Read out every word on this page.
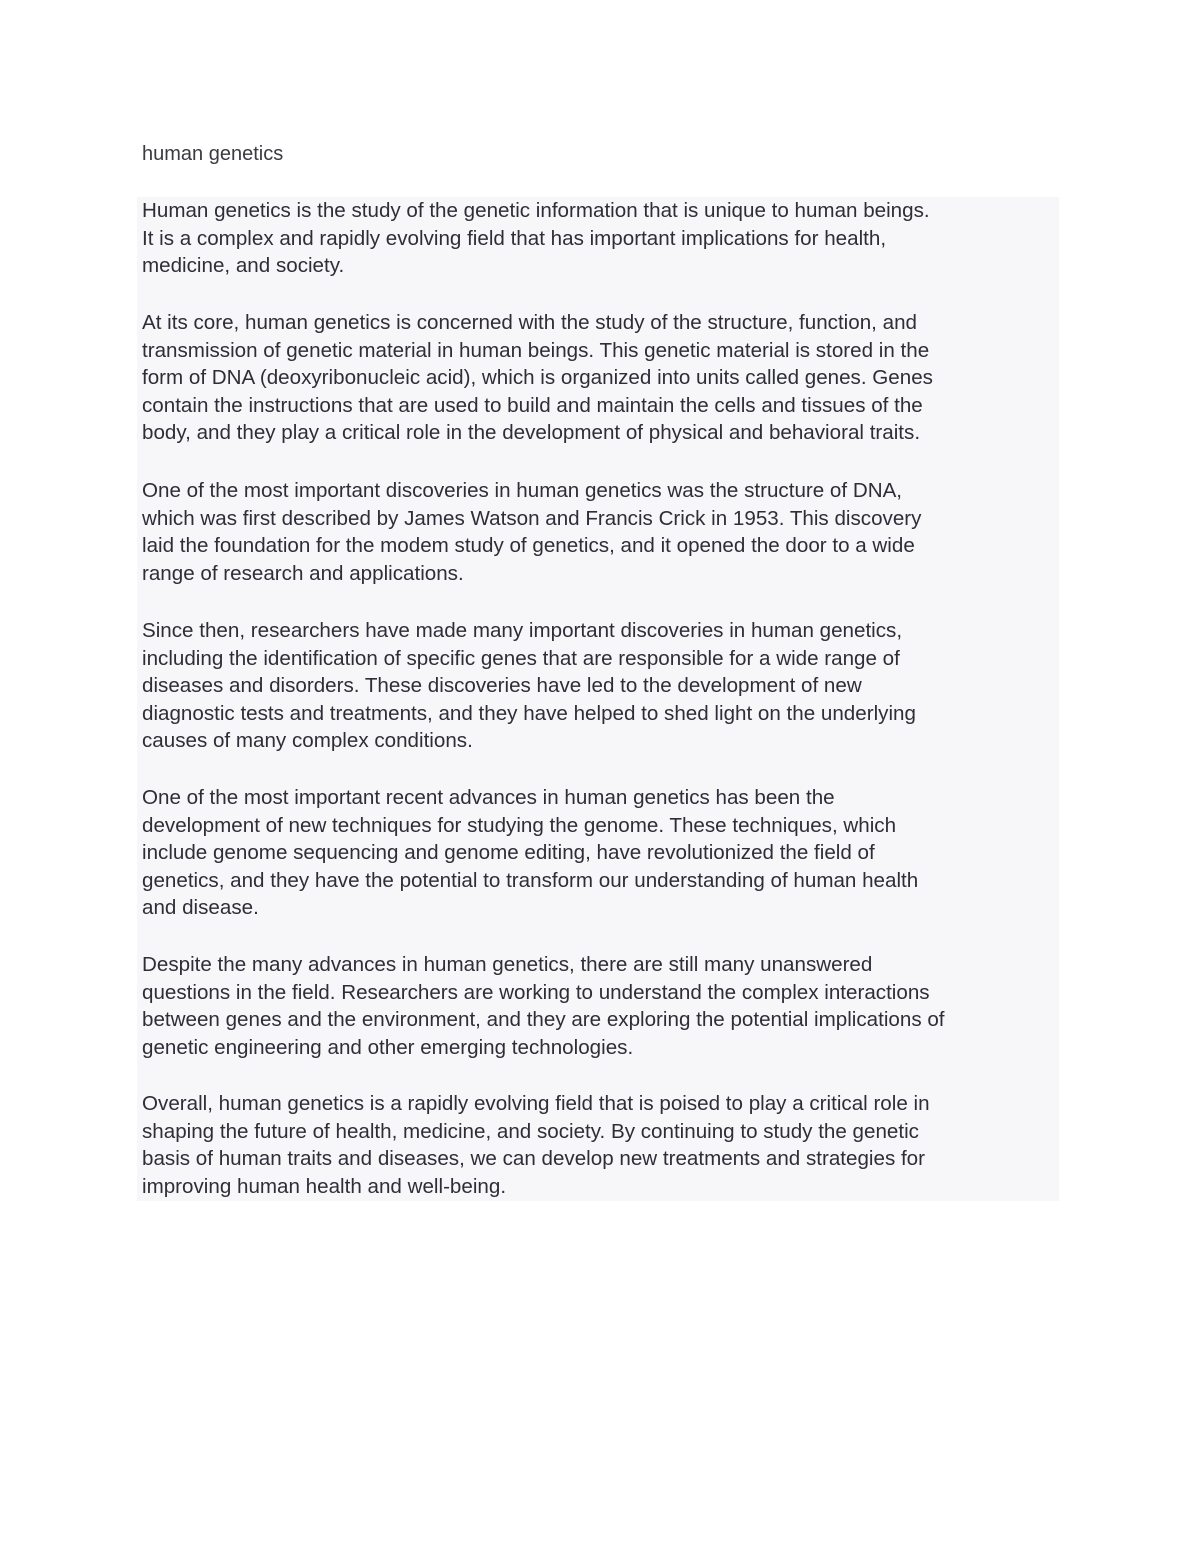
human genetics

Human genetics is the study of the genetic information that is unique to human beings.
It is a complex and rapidly evolving field that has important implications for health,
medicine, and society.

At its core, human genetics is concerned with the study of the structure, function, and
transmission of genetic material in human beings. This genetic material is stored in the
form of DNA (deoxyribonucleic acid), which is organized into units called genes. Genes
contain the instructions that are used to build and maintain the cells and tissues of the
body, and they play a critical role in the development of physical and behavioral traits.

One of the most important discoveries in human genetics was the structure of DNA,
which was first described by James Watson and Francis Crick in 1953. This discovery
laid the foundation for the modem study of genetics, and it opened the door to a wide
range of research and applications.

Since then, researchers have made many important discoveries in human genetics,
including the identification of specific genes that are responsible for a wide range of
diseases and disorders. These discoveries have led to the development of new
diagnostic tests and treatments, and they have helped to shed light on the underlying
causes of many complex conditions.

One of the most important recent advances in human genetics has been the
development of new techniques for studying the genome. These techniques, which
include genome sequencing and genome editing, have revolutionized the field of
genetics, and they have the potential to transform our understanding of human health
and disease.

Despite the many advances in human genetics, there are still many unanswered
questions in the field. Researchers are working to understand the complex interactions
between genes and the environment, and they are exploring the potential implications of
genetic engineering and other emerging technologies.

Overall, human genetics is a rapidly evolving field that is poised to play a critical role in
shaping the future of health, medicine, and society. By continuing to study the genetic
basis of human traits and diseases, we can develop new treatments and strategies for
improving human health and well-being.
